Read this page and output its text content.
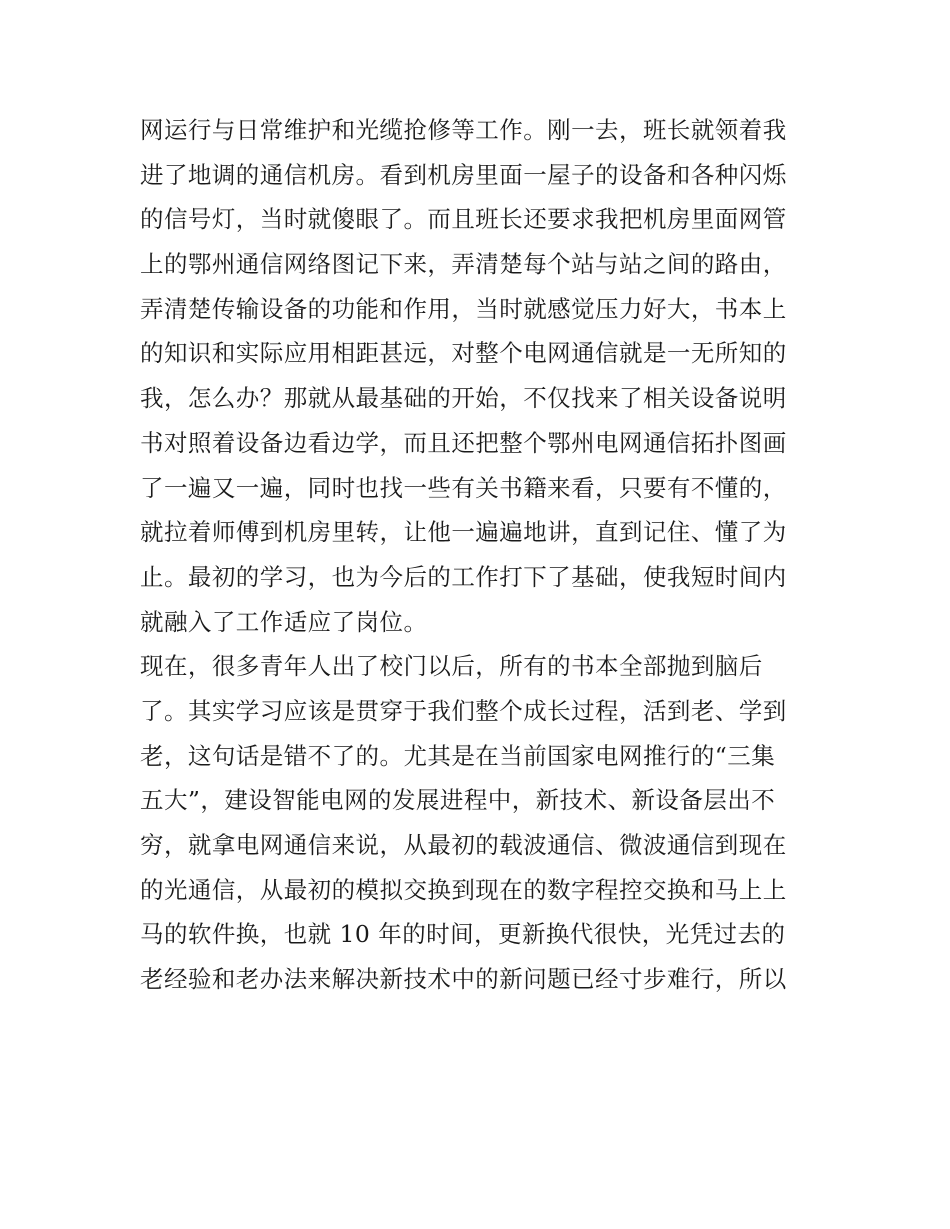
网运行与日常维护和光缆抢修等工作。刚一去，班长就领着我
进了地调的通信机房。看到机房里面一屋子的设备和各种闪烁
的信号灯，当时就傻眼了。而且班长还要求我把机房里面网管
上的鄂州通信网络图记下来，弄清楚每个站与站之间的路由，
弄清楚传输设备的功能和作用，当时就感觉压力好大，书本上
的知识和实际应用相距甚远，对整个电网通信就是一无所知的
我，怎么办？那就从最基础的开始，不仅找来了相关设备说明
书对照着设备边看边学，而且还把整个鄂州电网通信拓扑图画
了一遍又一遍，同时也找一些有关书籍来看，只要有不懂的，
就拉着师傅到机房里转，让他一遍遍地讲，直到记住、懂了为
止。最初的学习，也为今后的工作打下了基础，使我短时间内
就融入了工作适应了岗位。
现在，很多青年人出了校门以后，所有的书本全部抛到脑后
了。其实学习应该是贯穿于我们整个成长过程，活到老、学到
老，这句话是错不了的。尤其是在当前国家电网推行的“三集
五大”，建设智能电网的发展进程中，新技术、新设备层出不
穷，就拿电网通信来说，从最初的载波通信、微波通信到现在
的光通信，从最初的模拟交换到现在的数字程控交换和马上上
马的软件换，也就 10 年的时间，更新换代很快，光凭过去的
老经验和老办法来解决新技术中的新问题已经寸步难行，所以
